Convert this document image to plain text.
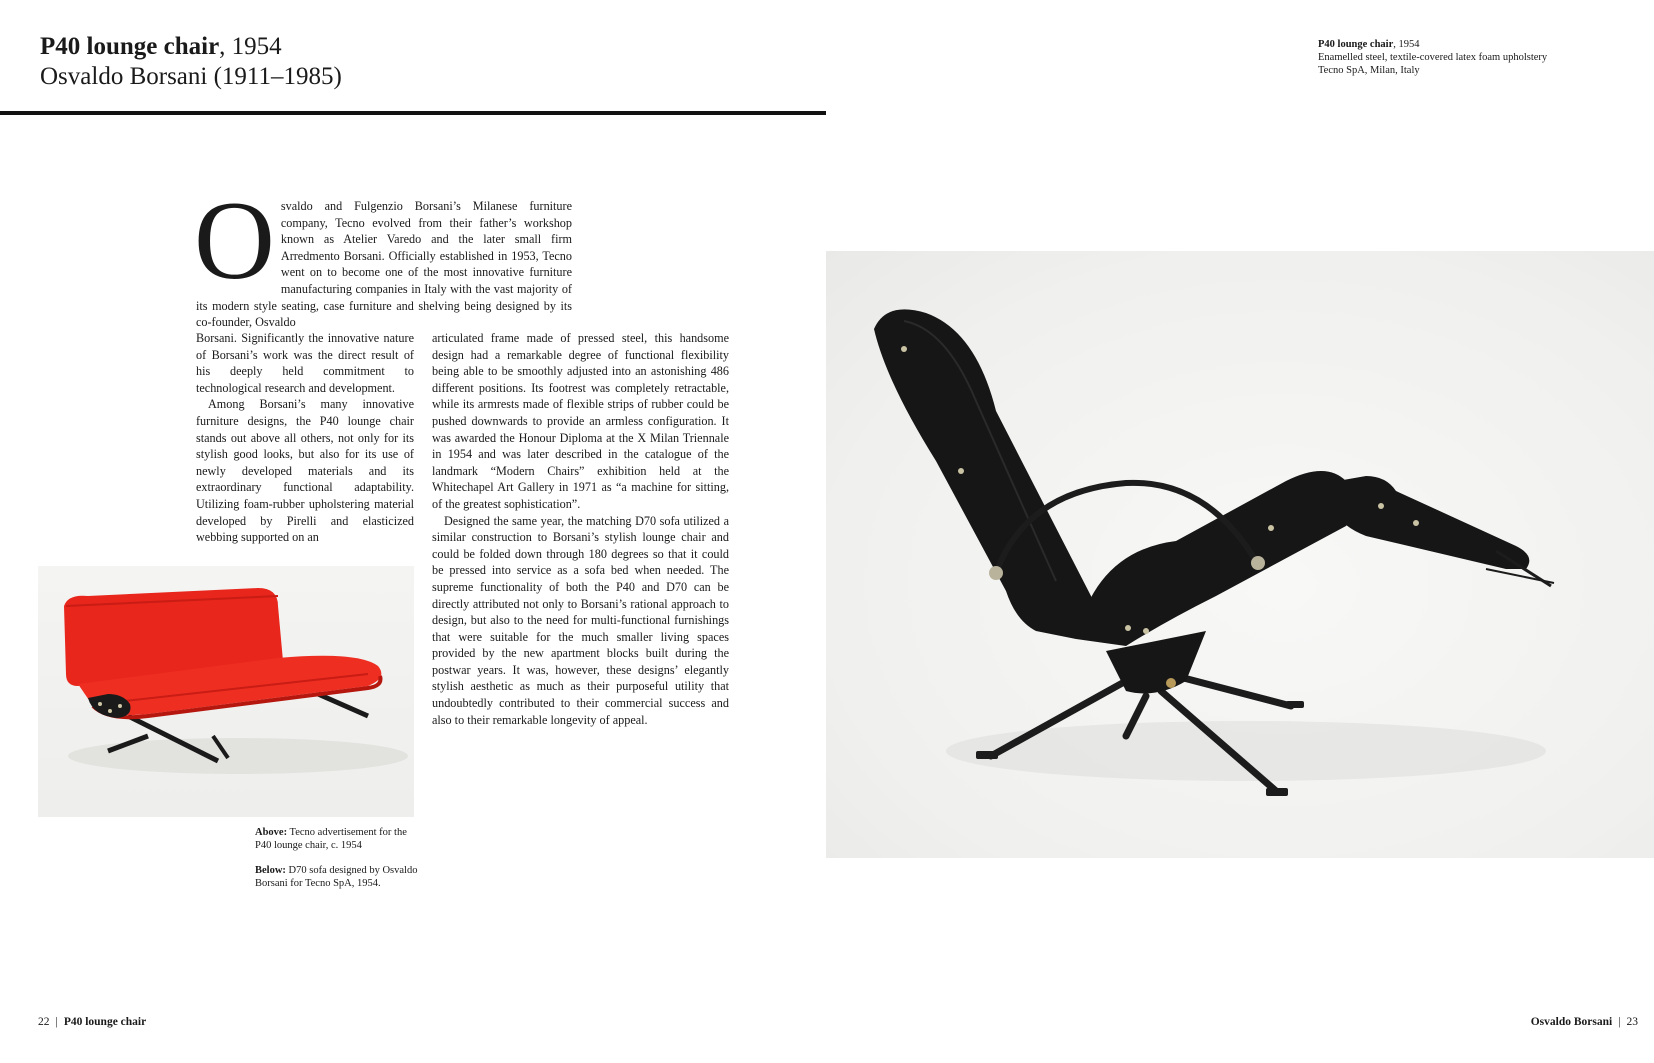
P40 lounge chair, 1954
Osvaldo Borsani (1911–1985)
P40 lounge chair, 1954
Enamelled steel, textile-covered latex foam upholstery
Tecno SpA, Milan, Italy
O svaldo and Fulgenzio Borsani’s Milanese furniture company, Tecno evolved from their father’s workshop known as Atelier Varedo and the later small firm Arredmento Borsani. Officially established in 1953, Tecno went on to become one of the most innovative furniture manufacturing companies in Italy with the vast majority of its modern style seating, case furniture and shelving being designed by its co-founder, Osvaldo

Borsani. Significantly the innovative nature of Borsani’s work was the direct result of his deeply held commitment to technological research and development.

Among Borsani’s many innovative furniture designs, the P40 lounge chair stands out above all others, not only for its stylish good looks, but also for its use of newly developed materials and its extraordinary functional adaptability. Utilizing foam-rubber upholstering material developed by Pirelli and elasticized webbing supported on an

articulated frame made of pressed steel, this handsome design had a remarkable degree of functional flexibility being able to be smoothly adjusted into an astonishing 486 different positions. Its footrest was completely retractable, while its armrests made of flexible strips of rubber could be pushed downwards to provide an armless configuration. It was awarded the Honour Diploma at the X Milan Triennale in 1954 and was later described in the catalogue of the landmark “Modern Chairs” exhibition held at the Whitechapel Art Gallery in 1971 as “a machine for sitting, of the greatest sophistication”.

Designed the same year, the matching D70 sofa utilized a similar construction to Borsani’s stylish lounge chair and could be folded down through 180 degrees so that it could be pressed into service as a sofa bed when needed. The supreme functionality of both the P40 and D70 can be directly attributed not only to Borsani’s rational approach to design, but also to the need for multi-functional furnishings that were suitable for the much smaller living spaces provided by the new apartment blocks built during the postwar years. It was, however, these designs’ elegantly stylish aesthetic as much as their purposeful utility that undoubtedly contributed to their commercial success and also to their remarkable longevity of appeal.

Above: Tecno advertisement for the P40 lounge chair, c. 1954
Below: D70 sofa designed by Osvaldo Borsani for Tecno SpA, 1954.
22 | P40 lounge chair	Osvaldo Borsani | 23
